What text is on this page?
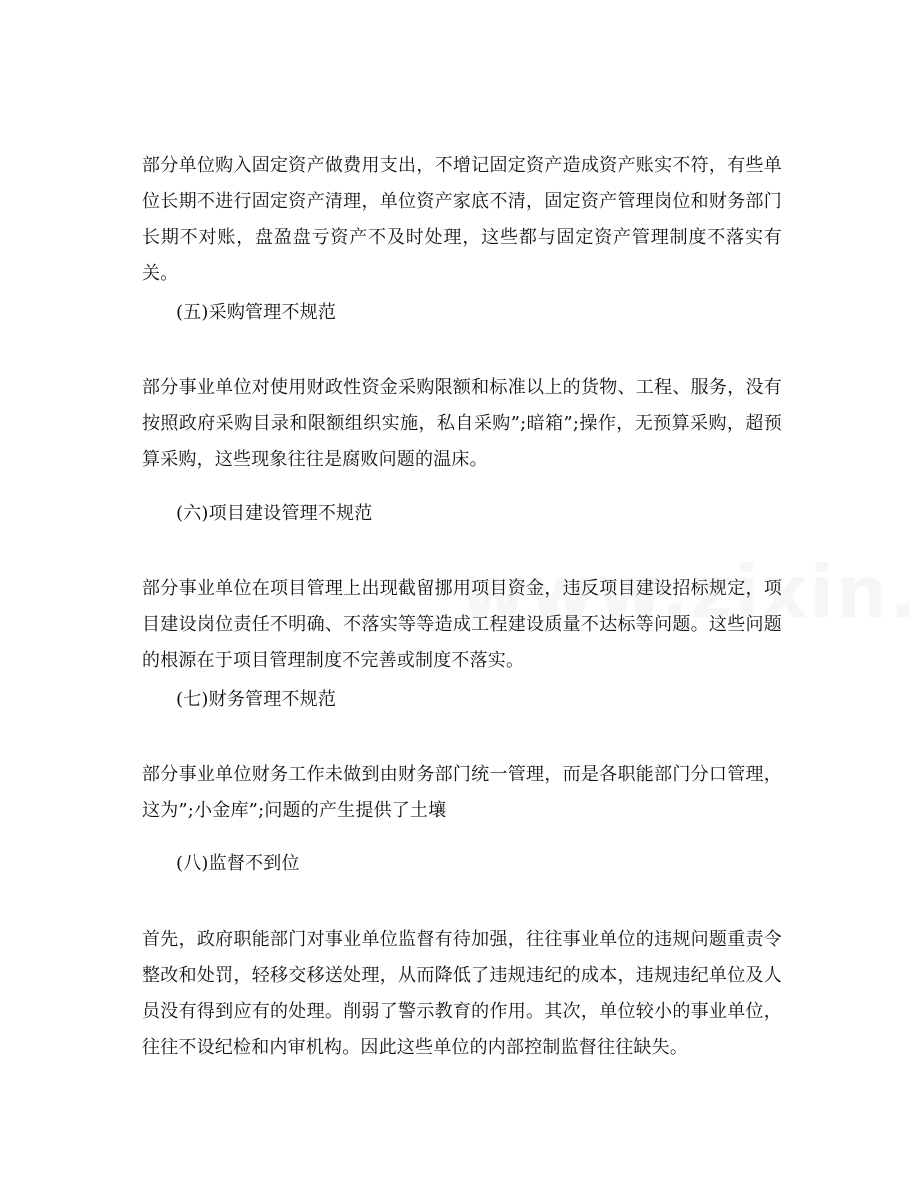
部分单位购入固定资产做费用支出，不增记固定资产造成资产账实不符，有些单位长期不进行固定资产清理，单位资产家底不清，固定资产管理岗位和财务部门长期不对账，盘盈盘亏资产不及时处理，这些都与固定资产管理制度不落实有关。

(五)采购管理不规范

部分事业单位对使用财政性资金采购限额和标准以上的货物、工程、服务，没有按照政府采购目录和限额组织实施，私自采购”;暗箱”;操作，无预算采购，超预算采购，这些现象往往是腐败问题的温床。

(六)项目建设管理不规范

部分事业单位在项目管理上出现截留挪用项目资金，违反项目建设招标规定，项目建设岗位责任不明确、不落实等等造成工程建设质量不达标等问题。这些问题的根源在于项目管理制度不完善或制度不落实。

(七)财务管理不规范

部分事业单位财务工作未做到由财务部门统一管理，而是各职能部门分口管理，这为”;小金库”;问题的产生提供了土壤

(八)监督不到位

首先，政府职能部门对事业单位监督有待加强，往往事业单位的违规问题重责令整改和处罚，轻移交移送处理，从而降低了违规违纪的成本，违规违纪单位及人员没有得到应有的处理。削弱了警示教育的作用。其次，单位较小的事业单位，往往不设纪检和内审机构。因此这些单位的内部控制监督往往缺失。
